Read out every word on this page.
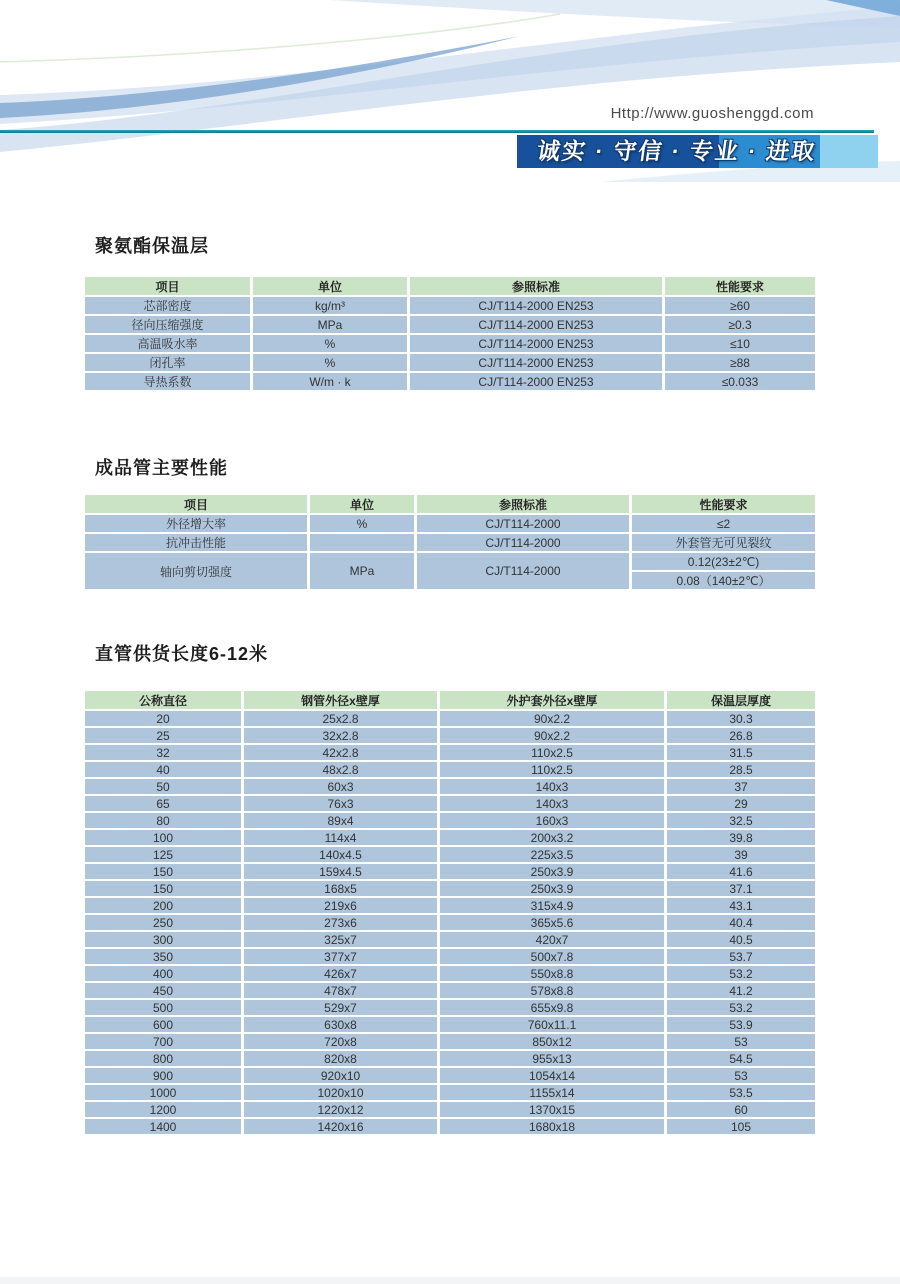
Http://www.guoshenggd.com
诚实 · 守信 · 专业 · 进取
聚氨酯保温层
项目	单位	参照标准	性能要求
芯部密度	kg/m³	CJ/T114-2000 EN253	≥60
径向压缩强度	MPa	CJ/T114-2000 EN253	≥0.3
高温吸水率	%	CJ/T114-2000 EN253	≤10
闭孔率	%	CJ/T114-2000 EN253	≥88
导热系数	W/m · k	CJ/T114-2000 EN253	≤0.033
成品管主要性能
项目	单位	参照标准	性能要求
外径增大率	%	CJ/T114-2000	≤2
抗冲击性能		CJ/T114-2000	外套管无可见裂纹
轴向剪切强度	MPa	CJ/T114-2000	0.12(23±2℃)
			0.08（140±2℃）
直管供货长度6-12米
公称直径	钢管外径x壁厚	外护套外径x壁厚	保温层厚度
20	25x2.8	90x2.2	30.3
25	32x2.8	90x2.2	26.8
32	42x2.8	110x2.5	31.5
40	48x2.8	110x2.5	28.5
50	60x3	140x3	37
65	76x3	140x3	29
80	89x4	160x3	32.5
100	114x4	200x3.2	39.8
125	140x4.5	225x3.5	39
150	159x4.5	250x3.9	41.6
150	168x5	250x3.9	37.1
200	219x6	315x4.9	43.1
250	273x6	365x5.6	40.4
300	325x7	420x7	40.5
350	377x7	500x7.8	53.7
400	426x7	550x8.8	53.2
450	478x7	578x8.8	41.2
500	529x7	655x9.8	53.2
600	630x8	760x11.1	53.9
700	720x8	850x12	53
800	820x8	955x13	54.5
900	920x10	1054x14	53
1000	1020x10	1155x14	53.5
1200	1220x12	1370x15	60
1400	1420x16	1680x18	105
